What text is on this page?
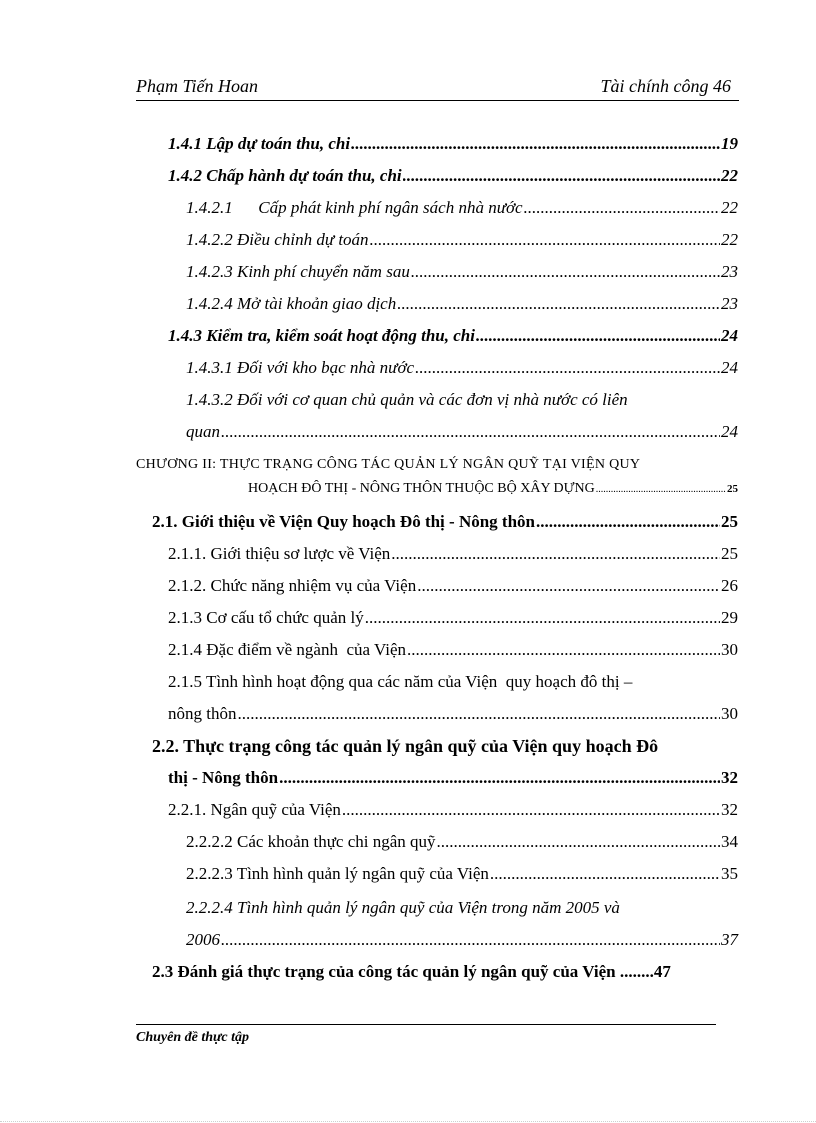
Phạm Tiến Hoan	Tài chính công 46
1.4.1 Lập dự toán thu, chi .....	19
1.4.2 Chấp hành dự toán thu, chi .....	22
1.4.2.1      Cấp phát kinh phí ngân sách nhà nước .....	22
1.4.2.2 Điều chỉnh dự toán .....	22
1.4.2.3 Kinh phí chuyển năm sau .....	23
1.4.2.4 Mở tài khoản giao dịch .....	23
1.4.3 Kiểm tra, kiểm soát hoạt động thu, chi .....	24
1.4.3.1 Đối với kho bạc nhà nước .....	24
1.4.3.2 Đối với cơ quan chủ quản và các đơn vị nhà nước có liên
quan .....	24
CHƯƠNG II: THỰC TRẠNG CÔNG TÁC QUẢN LÝ NGÂN QUỸ TẠI VIỆN QUY
HOẠCH ĐÔ THỊ - NÔNG THÔN THUỘC BỘ XÂY DỰNG .....	25
2.1. Giới thiệu về Viện Quy hoạch Đô thị - Nông thôn .....	25
2.1.1. Giới thiệu sơ lược về Viện .....	25
2.1.2. Chức năng nhiệm vụ của Viện .....	26
2.1.3 Cơ cấu tổ chức quản lý .....	29
2.1.4 Đặc điểm về ngành  của Viện .....	30
2.1.5 Tình hình hoạt động qua các năm của Viện  quy hoạch đô thị –
nông thôn .....	30
2.2. Thực trạng công tác quản lý ngân quỹ của Viện quy hoạch Đô
thị - Nông thôn .....	32
2.2.1. Ngân quỹ của Viện .....	32
2.2.2.2 Các khoản thực chi ngân quỹ .....	34
2.2.2.3 Tình hình quản lý ngân quỹ của Viện .....	35
2.2.2.4 Tình hình quản lý ngân quỹ của Viện trong năm 2005 và
2006 .....	37
2.3 Đánh giá thực trạng của công tác quản lý ngân quỹ của Viện ........ 47
Chuyên đề thực tập
